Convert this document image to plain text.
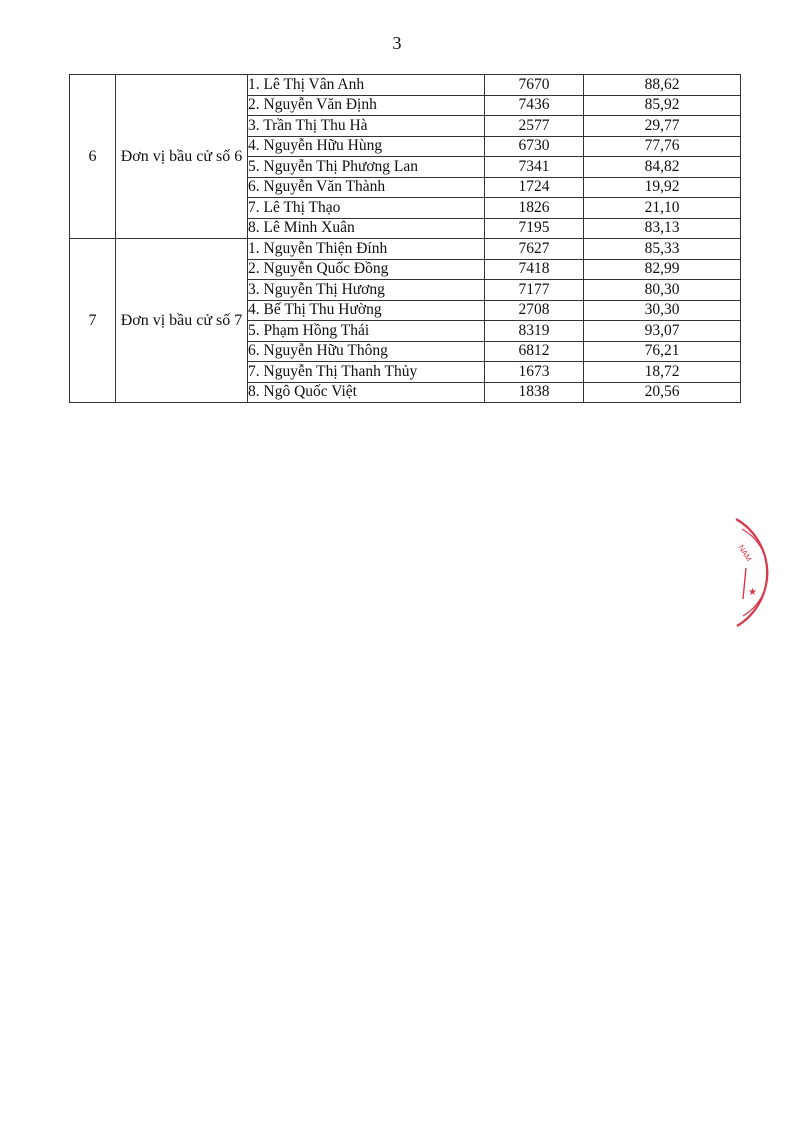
3
6	Đơn vị bầu cử số 6	1. Lê Thị Vân Anh	7670	88,62
		2. Nguyễn Văn Định	7436	85,92
		3. Trần Thị Thu Hà	2577	29,77
		4. Nguyễn Hữu Hùng	6730	77,76
		5. Nguyễn Thị Phương Lan	7341	84,82
		6. Nguyễn Văn Thành	1724	19,92
		7. Lê Thị Thạo	1826	21,10
		8. Lê Minh Xuân	7195	83,13
7	Đơn vị bầu cử số 7	1. Nguyễn Thiện Đính	7627	85,33
		2. Nguyễn Quốc Đồng	7418	82,99
		3. Nguyễn Thị Hương	7177	80,30
		4. Bế Thị Thu Hường	2708	30,30
		5. Phạm Hồng Thái	8319	93,07
		6. Nguyễn Hữu Thông	6812	76,21
		7. Nguyễn Thị Thanh Thủy	1673	18,72
		8. Ngô Quốc Việt	1838	20,56
NAM
★
